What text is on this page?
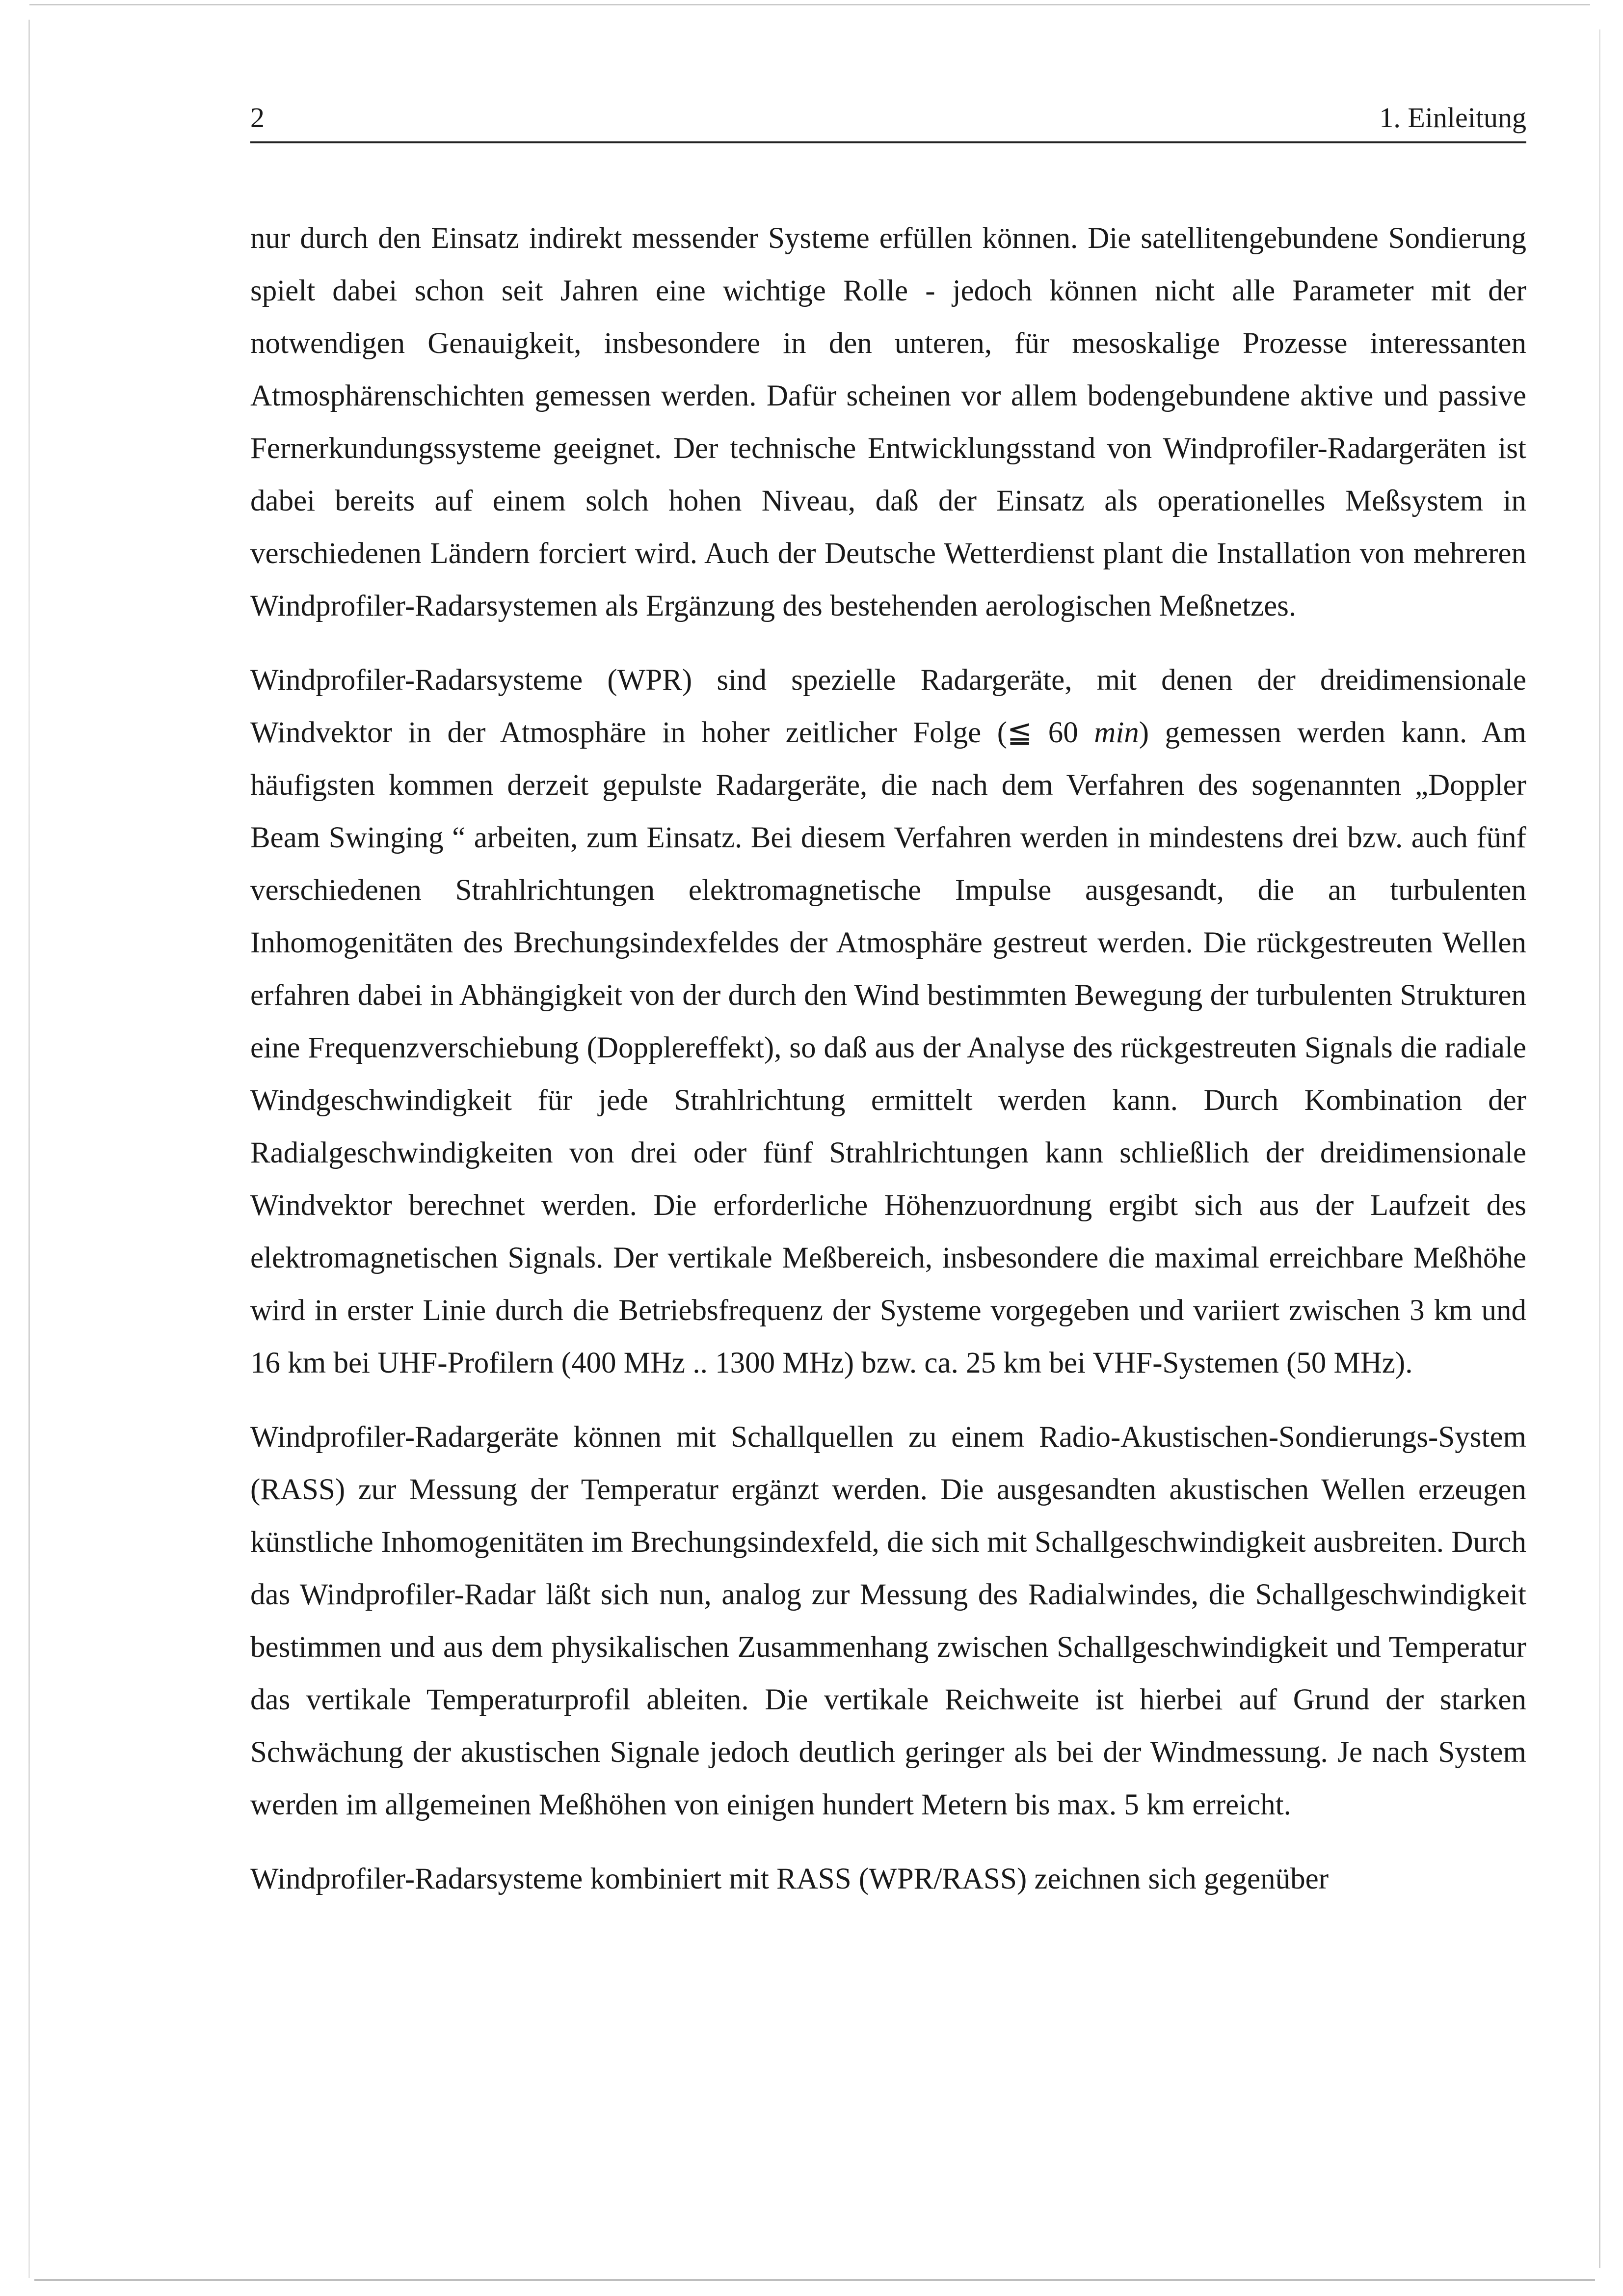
2	1. Einleitung

nur durch den Einsatz indirekt messender Systeme erfüllen können. Die satellitengebundene Sondierung spielt dabei schon seit Jahren eine wichtige Rolle - jedoch können nicht alle Parameter mit der notwendigen Genauigkeit, insbesondere in den unteren, für mesoskalige Prozesse interessanten Atmosphärenschichten gemessen werden. Dafür scheinen vor allem bodengebundene aktive und passive Fernerkundungssysteme geeignet. Der technische Entwicklungsstand von Windprofiler-Radargeräten ist dabei bereits auf einem solch hohen Niveau, daß der Einsatz als operationelles Meßsystem in verschiedenen Ländern forciert wird. Auch der Deutsche Wetterdienst plant die Installation von mehreren Windprofiler-Radarsystemen als Ergänzung des bestehenden aerologischen Meßnetzes.

Windprofiler-Radarsysteme (WPR) sind spezielle Radargeräte, mit denen der dreidimensionale Windvektor in der Atmosphäre in hoher zeitlicher Folge (≦ 60 min) gemessen werden kann. Am häufigsten kommen derzeit gepulste Radargeräte, die nach dem Verfahren des sogenannten „Doppler Beam Swinging “ arbeiten, zum Einsatz. Bei diesem Verfahren werden in mindestens drei bzw. auch fünf verschiedenen Strahlrichtungen elektromagnetische Impulse ausgesandt, die an turbulenten Inhomogenitäten des Brechungsindexfeldes der Atmosphäre gestreut werden. Die rückgestreuten Wellen erfahren dabei in Abhängigkeit von der durch den Wind bestimmten Bewegung der turbulenten Strukturen eine Frequenzverschiebung (Dopplereffekt), so daß aus der Analyse des rückgestreuten Signals die radiale Windgeschwindigkeit für jede Strahlrichtung ermittelt werden kann. Durch Kombination der Radialgeschwindigkeiten von drei oder fünf Strahlrichtungen kann schließlich der dreidimensionale Windvektor berechnet werden. Die erforderliche Höhenzuordnung ergibt sich aus der Laufzeit des elektromagnetischen Signals. Der vertikale Meßbereich, insbesondere die maximal erreichbare Meßhöhe wird in erster Linie durch die Betriebsfrequenz der Systeme vorgegeben und variiert zwischen 3 km und 16 km bei UHF-Profilern (400 MHz .. 1300 MHz) bzw. ca. 25 km bei VHF-Systemen (50 MHz).

Windprofiler-Radargeräte können mit Schallquellen zu einem Radio-Akustischen-Sondierungs-System (RASS) zur Messung der Temperatur ergänzt werden. Die ausgesandten akustischen Wellen erzeugen künstliche Inhomogenitäten im Brechungsindexfeld, die sich mit Schallgeschwindigkeit ausbreiten. Durch das Windprofiler-Radar läßt sich nun, analog zur Messung des Radialwindes, die Schallgeschwindigkeit bestimmen und aus dem physikalischen Zusammenhang zwischen Schallgeschwindigkeit und Temperatur das vertikale Temperaturprofil ableiten. Die vertikale Reichweite ist hierbei auf Grund der starken Schwächung der akustischen Signale jedoch deutlich geringer als bei der Windmessung. Je nach System werden im allgemeinen Meßhöhen von einigen hundert Metern bis max. 5 km erreicht.

Windprofiler-Radarsysteme kombiniert mit RASS (WPR/RASS) zeichnen sich gegenüber
